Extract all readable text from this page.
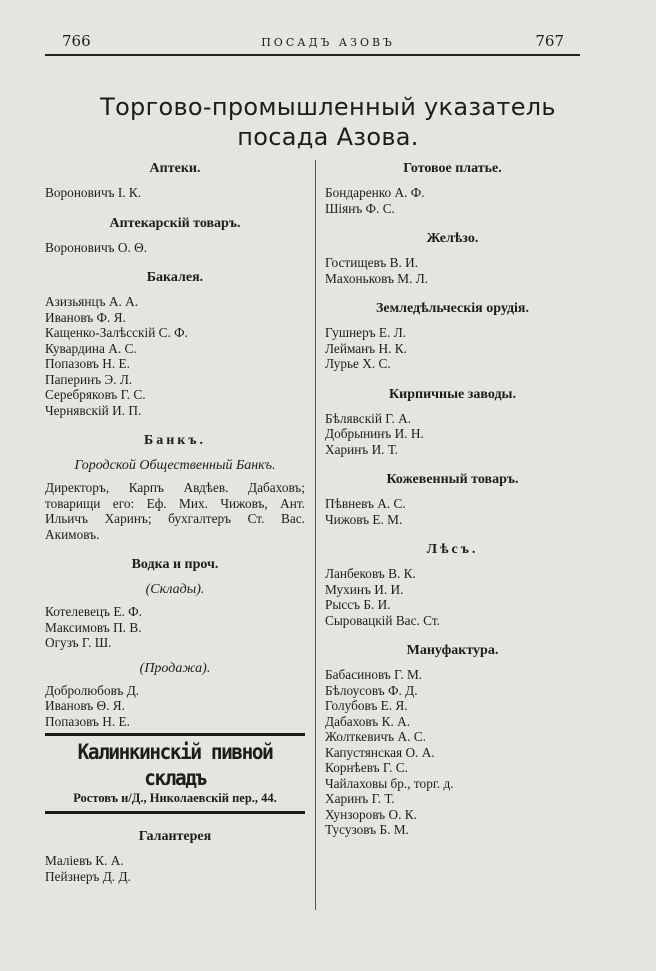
766	ПОСАДЪ АЗОВЪ	767
Торгово-промышленный указатель
посада Азова.
Аптеки.
Вороновичъ І. К.
Аптекарскій товаръ.
Вороновичъ О. Θ.
Бакалея.
Азизьянцъ А. А.
Ивановъ Ф. Я.
Кащенко-Залѣсскій С. Ф.
Кувардина А. С.
Попазовъ Н. Е.
Паперинъ Э. Л.
Серебряковъ Г. С.
Чернявскій И. П.
Банкъ.
Городской Общественный Банкъ.
Директоръ, Карпъ Авдѣев. Дабаховъ; товарищи его: Еф. Мих. Чижовъ, Ант. Ильичъ Харинъ; бухгалтеръ Ст. Вас. Акимовъ.
Водка и проч.
(Склады).
Котелевецъ Е. Ф.
Максимовъ П. В.
Огузъ Г. Ш.
(Продажа).
Добролюбовъ Д.
Ивановъ Θ. Я.
Попазовъ Н. Е.
Калинкинскій пивной складъ
Ростовъ н/Д., Николаевскій пер., 44.
Галантерея
Маліевъ К. А.
Пейзнеръ Д. Д.
Готовое платье.
Бондаренко А. Ф.
Шіянъ Ф. С.
Желѣзо.
Гостищевъ В. И.
Махоньковъ М. Л.
Земледѣльческія орудія.
Гушнеръ Е. Л.
Лейманъ Н. К.
Лурье Х. С.
Кирпичные заводы.
Бѣлявскій Г. А.
Добрынинъ И. Н.
Харинъ И. Т.
Кожевенный товаръ.
Пѣвневъ А. С.
Чижовъ Е. М.
Лѣсъ.
Ланбековъ В. К.
Мухинъ И. И.
Рыссъ Б. И.
Сыровацкій Вас. Ст.
Мануфактура.
Бабасиновъ Г. М.
Бѣлоусовъ Ф. Д.
Голубовъ Е. Я.
Дабаховъ К. А.
Жолткевичъ А. С.
Капустянская О. А.
Корнѣевъ Г. С.
Чайлаховы бр., торг. д.
Харинъ Г. Т.
Хунзоровъ О. К.
Тусузовъ Б. М.
